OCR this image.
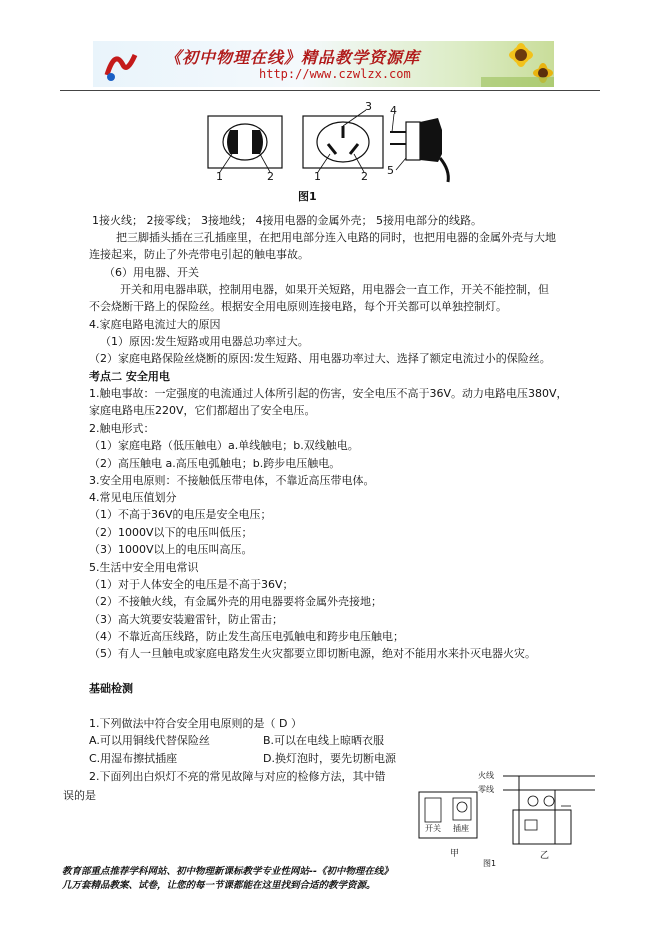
《初中物理在线》精品教学资源库
http://www.czwlzx.com
1	2
3
1	2
4
5
图1
1接火线； 2接零线； 3接地线； 4接用电器的金属外壳； 5接用电部分的线路。
把三脚插头插在三孔插座里，在把用电部分连入电路的同时，也把用电器的金属外壳与大地
连接起来，防止了外壳带电引起的触电事故。
（6）用电器、开关
开关和用电器串联，控制用电器，如果开关短路，用电器会一直工作，开关不能控制，但
不会烧断干路上的保险丝。根据安全用电原则连接电路，每个开关都可以单独控制灯。
4.家庭电路电流过大的原因
（1）原因:发生短路或用电器总功率过大。
（2）家庭电路保险丝烧断的原因:发生短路、用电器功率过大、选择了额定电流过小的保险丝。
考点二 安全用电
1.触电事故：一定强度的电流通过人体所引起的伤害，安全电压不高于36V。动力电路电压380V，
家庭电路电压220V，它们都超出了安全电压。
2.触电形式：
（1）家庭电路（低压触电）a.单线触电；b.双线触电。
（2）高压触电 a.高压电弧触电；b.跨步电压触电。
3.安全用电原则：不接触低压带电体，不靠近高压带电体。
4.常见电压值划分
（1）不高于36V的电压是安全电压；
（2）1000V以下的电压叫低压；
（3）1000V以上的电压叫高压。
5.生活中安全用电常识
（1）对于人体安全的电压是不高于36V；
（2）不接触火线，有金属外壳的用电器要将金属外壳接地；
（3）高大筑要安装避雷针，防止雷击；
（4）不靠近高压线路，防止发生高压电弧触电和跨步电压触电；
（5）有人一旦触电或家庭电路发生火灾都要立即切断电源，绝对不能用水来扑灭电器火灾。
基础检测
1.下列做法中符合安全用电原则的是（ D ）
A.可以用铜线代替保险丝	B.可以在电线上晾晒衣服
C.用湿布擦拭插座	D.换灯泡时，要先切断电源
2.下面列出白炽灯不亮的常见故障与对应的检修方法，其中错
误的是
火线
零线
开关 插座
甲	乙
图1
教育部重点推荐学科网站、初中物理新课标教学专业性网站--《初中物理在线》
几万套精品教案、试卷，让您的每一节课都能在这里找到合适的教学资源。
